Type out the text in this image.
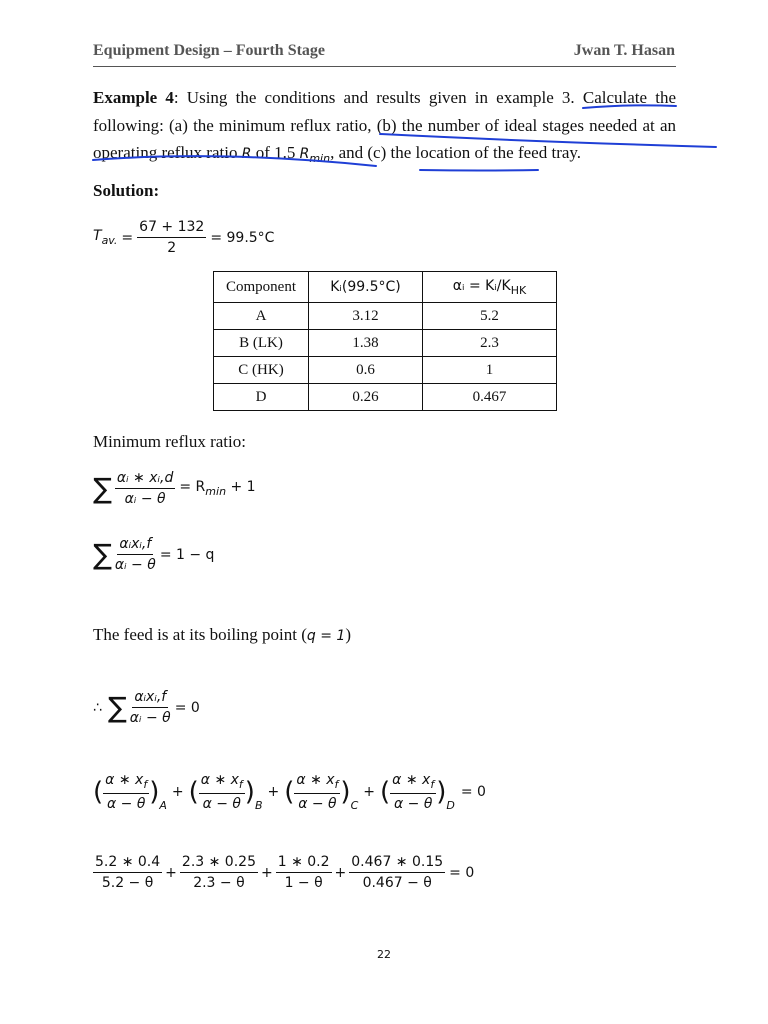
Equipment Design – Fourth Stage	Jwan T. Hasan
Example 4: Using the conditions and results given in example 3. Calculate the
following: (a) the minimum reflux ratio, (b) the number of ideal stages needed at an
operating reflux ratio R of 1.5 $R_{min}$, and (c) the location of the feed tray.
Solution:
$T_{av.} = \frac{67 + 132}{2} = 99.5^\circ C$
Component	Kᵢ(99.5°C)	αᵢ = $Kᵢ/K_{HK}$
A	3.12	5.2
B (LK)	1.38	2.3
C (HK)	0.6	1
D	0.26	0.467
Minimum reflux ratio:
∑ $\frac{\text{αᵢ ∗ xᵢ,d}}{\text{αᵢ − θ}} = R_{min} + 1$
∑ $\frac{\text{αᵢxᵢ,f}}{\text{αᵢ − θ}} = 1 - q$
The feed is at its boiling point (q = 1)
∴ ∑ $\frac{\text{αᵢxᵢ,f}}{\text{αᵢ − θ}} = 0$
( $\frac{\alpha ∗ x_f}{\alpha - \theta} )_A$
+ ( $\frac{\alpha ∗ x_f}{\alpha - \theta} )_B$
+ ( $\frac{\alpha ∗ x_f}{\alpha - \theta} )_C$
+ ( $\frac{\alpha ∗ x_f}{\alpha - \theta} )_D$
= 0
$\frac{5.2 ∗ 0.4}{5.2 - \theta} + \frac{2.3 ∗ 0.25}{2.3 - \theta} + \frac{1 ∗ 0.2}{1 - \theta} + \frac{0.467 ∗ 0.15}{0.467 - \theta} = 0$
22
